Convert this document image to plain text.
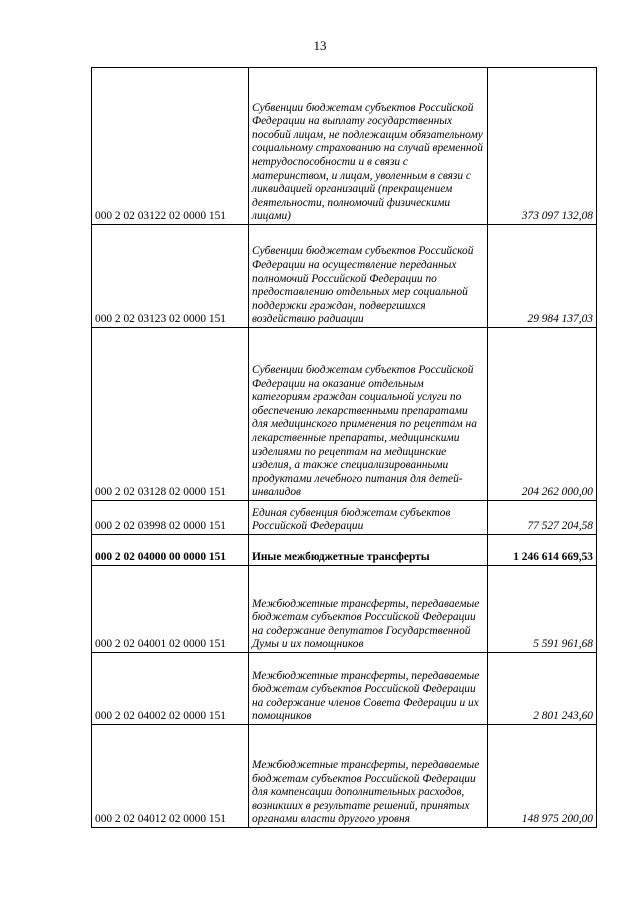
13
000 2 02 03122 02 0000 151	Субвенции бюджетам субъектов Российской Федерации на выплату государственных пособий лицам, не подлежащим обязательному социальному страхованию на случай временной нетрудоспособности и в связи с материнством, и лицам, уволенным в связи с ликвидацией организаций (прекращением деятельности, полномочий физическими лицами)	373 097 132,08
000 2 02 03123 02 0000 151	Субвенции бюджетам субъектов Российской Федерации на осуществление переданных полномочий Российской Федерации по предоставлению отдельных мер социальной поддержки граждан, подвергшихся воздействию радиации	29 984 137,03
000 2 02 03128 02 0000 151	Субвенции бюджетам субъектов Российской Федерации на оказание отдельным категориям граждан социальной услуги по обеспечению лекарственными препаратами для медицинского применения по рецептам на лекарственные препараты, медицинскими изделиями по рецептам на медицинские изделия, а также специализированными продуктами лечебного питания для детей-инвалидов	204 262 000,00
000 2 02 03998 02 0000 151	Единая субвенция бюджетам субъектов Российской Федерации	77 527 204,58
000 2 02 04000 00 0000 151	Иные межбюджетные трансферты	1 246 614 669,53
000 2 02 04001 02 0000 151	Межбюджетные трансферты, передаваемые бюджетам субъектов Российской Федерации на содержание депутатов Государственной Думы и их помощников	5 591 961,68
000 2 02 04002 02 0000 151	Межбюджетные трансферты, передаваемые бюджетам субъектов Российской Федерации на содержание членов Совета Федерации и их помощников	2 801 243,60
000 2 02 04012 02 0000 151	Межбюджетные трансферты, передаваемые бюджетам субъектов Российской Федерации для компенсации дополнительных расходов, возникших в результате решений, принятых органами власти другого уровня	148 975 200,00
